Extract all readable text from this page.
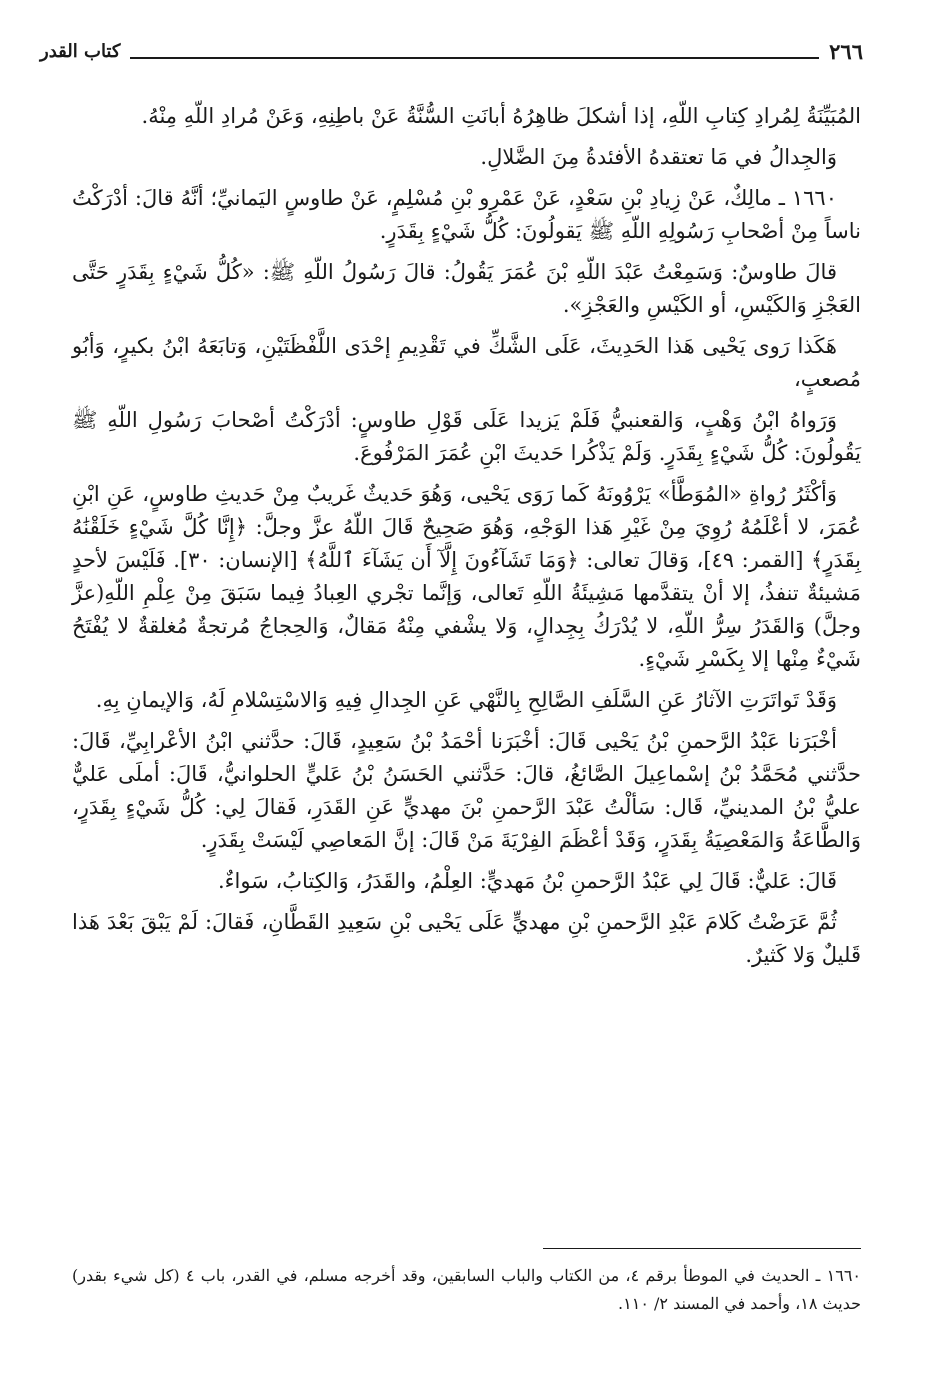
٢٦٦
كتاب القدر

المُبَيِّنَةُ لِمُرادِ كِتابِ اللّهِ، إذا أشكلَ ظاهِرُهُ أبانَتِ السُّنَّةُ عَنْ باطِنِهِ، وَعَنْ مُرادِ اللّهِ مِنْهُ.

وَالجِدالُ في مَا تعتقدهُ الأفئدةُ مِنَ الضَّلالِ.

١٦٦٠ ـ مالِكٌ، عَنْ زِيادِ بْنِ سَعْدٍ، عَنْ عَمْرِو بْنِ مُسْلِمٍ، عَنْ طاوسٍ اليَمانيِّ؛ أنَّهُ قالَ: أدْرَكْتُ ناساً مِنْ أصْحابِ رَسُولِهِ اللّهِ ﷺ يَقولُونَ: كُلُّ شَيْءٍ بِقَدَرٍ.

قالَ طاوسٌ: وَسَمِعْتُ عَبْدَ اللّهِ بْنَ عُمَرَ يَقُولُ: قالَ رَسُولُ اللّهِ ﷺ: «كُلُّ شَيْءٍ بِقَدَرٍ حَتَّى العَجْزِ وَالكَيْسِ، أو الكَيْسِ والعَجْزِ».

هَكَذا رَوى يَحْيى هَذا الحَدِيثَ، عَلَى الشَّكِّ في تَقْدِيمِ إحْدَى اللَّفْظَتَيْنِ، وَتابَعَهُ ابْنُ بكيرٍ، وَأبُو مُصعبٍ،

وَرَواهُ ابْنُ وَهْبٍ، وَالقعنبيُّ فَلَمْ يَزيدا عَلَى قَوْلِ طاوسٍ: أدْرَكْتُ أصْحابَ رَسُولِ اللّهِ ﷺ يَقُولُونَ: كُلُّ شَيْءٍ بِقَدَرٍ. وَلَمْ يَذْكُرا حَديثَ ابْنِ عُمَرَ المَرْفُوعَ.

وَأكْثَرُ رُواةِ «المُوَطَّأ» يَرْوُونَهُ كَما رَوَى يَحْيى، وَهُوَ حَديثٌ غَريبٌ مِنْ حَديثِ طاوسٍ، عَنِ ابْنِ عُمَرَ، لا أعْلَمُهُ رُوِيَ مِنْ غَيْرِ هَذا الوَجْهِ، وَهُوَ صَحِيحٌ قَالَ اللّهُ عزَّ وجلَّ: ﴿إِنَّا كُلَّ شَيْءٍ خَلَقْنَٰهُ بِقَدَرٍ﴾ [القمر: ٤٩]، وَقالَ تعالى: ﴿وَمَا تَشَآءُونَ إِلَّآ أَن يَشَآءَ ٱللَّهُ﴾ [الإنسان: ٣٠]. فَلَيْسَ لأحدٍ مَشيئةٌ تنفذُ، إلا أنْ يتقدَّمها مَشِيئَةُ اللّهِ تَعالى، وَإنَّما تجْري العِبادُ فِيما سَبَقَ مِنْ عِلْمِ اللّهِ(عزَّ وجلَّ) وَالقَدَرُ سِرُّ اللّهِ، لا يُدْرَكُ بِجِدالٍ، وَلا يشْفي مِنْهُ مَقالٌ، وَالحِجاجُ مُرتجةٌ مُغلقةٌ لا يُفْتَحُ شَيْءٌ مِنْها إلا بِكَسْرِ شَيْءٍ.

وَقَدْ تَواتَرَتِ الآثارُ عَنِ السَّلَفِ الصَّالِحِ بِالنَّهْي عَنِ الجِدالِ فِيهِ وَالاسْتِسْلامِ لَهُ، وَالإيمانِ بِهِ.

أخْبَرَنا عَبْدُ الرَّحمنِ بْنُ يَحْيى قَالَ: أخْبَرَنا أحْمَدُ بْنُ سَعِيدٍ، قَالَ: حدَّثني ابْنُ الأعْرابِيِّ، قَالَ: حدَّثني مُحَمَّدُ بْنُ إسْماعِيلَ الصَّائغُ، قالَ: حَدَّثني الحَسَنُ بْنُ عَليٍّ الحلوانيُّ، قَالَ: أملَى عَليٌّ عليُّ بْنُ المدينيِّ، قَال: سَألْتُ عَبْدَ الرَّحمنِ بْنَ مهديٍّ عَنِ القَدَرِ، فَقالَ لِي: كُلُّ شَيْءٍ بِقَدَرٍ، وَالطَّاعَةُ وَالمَعْصِيَةُ بِقَدَرٍ، وَقَدْ أعْظَمَ الفِرْيَةَ مَنْ قَالَ: إنَّ المَعاصِي لَيْسَتْ بِقَدَرٍ.

قَالَ: عَليٌّ: قَالَ لِي عَبْدُ الرَّحمنِ بْنُ مَهديٍّ: العِلْمُ، والقَدَرُ، وَالكِتابُ، سَواءٌ.

ثُمَّ عَرَضْتُ كَلامَ عَبْدِ الرَّحمنِ بْنِ مهديٍّ عَلَى يَحْيى بْنِ سَعِيدِ القَطَّانِ، فَقالَ: لَمْ يَبْقَ بَعْدَ هَذا قَليلٌ وَلا كَثيرٌ.

١٦٦٠ ـ الحديث في الموطأ برقم ٤، من الكتاب والباب السابقين، وقد أخرجه مسلم، في القدر، باب ٤ (كل شيء بقدر) حديث ١٨، وأحمد في المسند ٢/ ١١٠.
